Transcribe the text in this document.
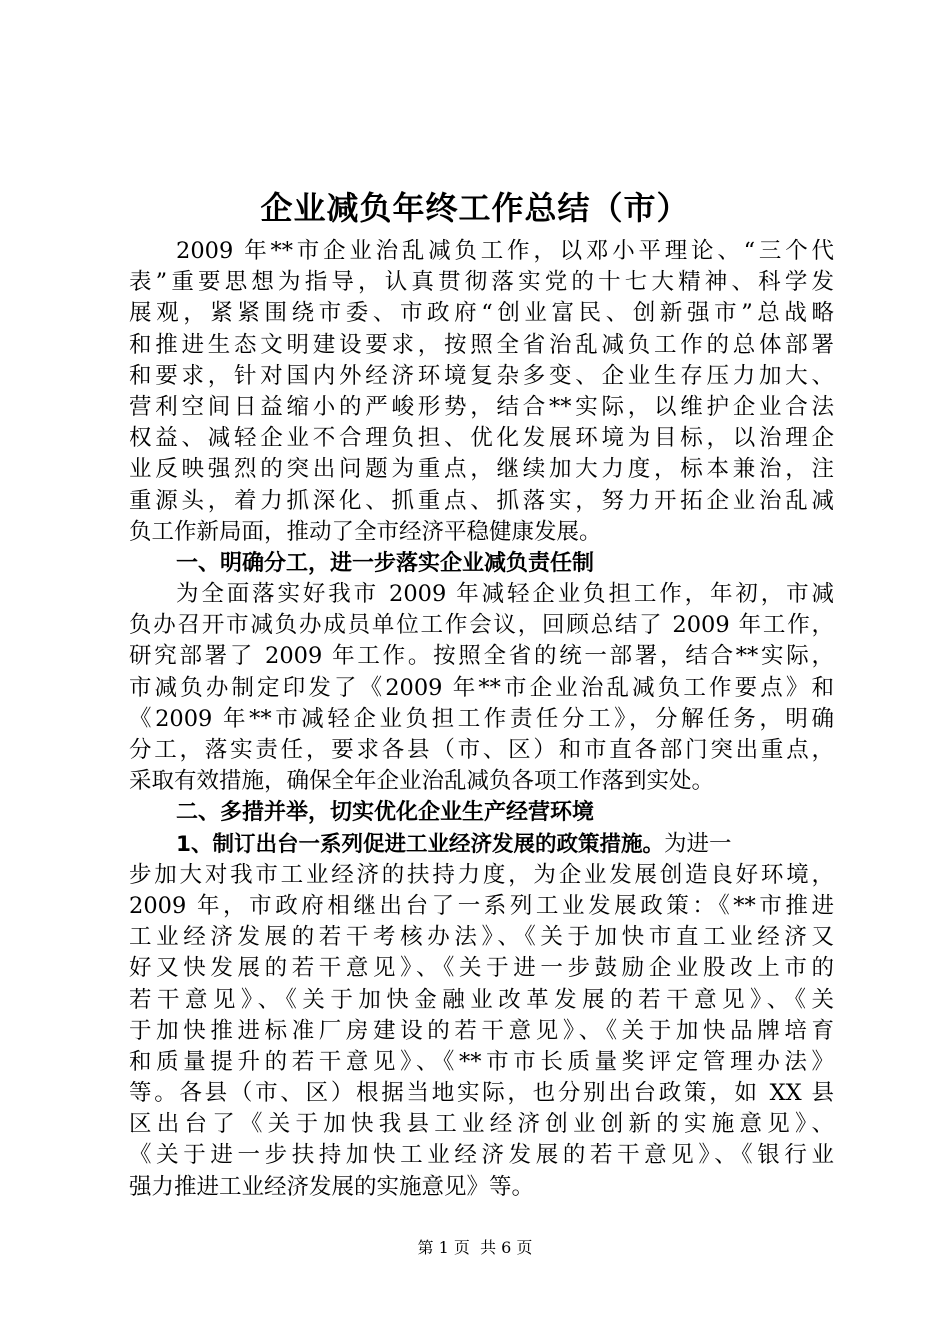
企业减负年终工作总结（市）
2009 年**市企业治乱减负工作，以邓小平理论、“三个代
表”重要思想为指导，认真贯彻落实党的十七大精神、科学发
展观，紧紧围绕市委、市政府“创业富民、创新强市”总战略
和推进生态文明建设要求，按照全省治乱减负工作的总体部署
和要求，针对国内外经济环境复杂多变、企业生存压力加大、
营利空间日益缩小的严峻形势，结合**实际，以维护企业合法
权益、减轻企业不合理负担、优化发展环境为目标，以治理企
业反映强烈的突出问题为重点，继续加大力度，标本兼治，注
重源头，着力抓深化、抓重点、抓落实，努力开拓企业治乱减
负工作新局面，推动了全市经济平稳健康发展。
一、明确分工，进一步落实企业减负责任制
为全面落实好我市 2009 年减轻企业负担工作，年初，市减
负办召开市减负办成员单位工作会议，回顾总结了 2009 年工作，
研究部署了 2009 年工作。按照全省的统一部署，结合**实际，
市减负办制定印发了《2009 年**市企业治乱减负工作要点》和
《2009 年**市减轻企业负担工作责任分工》，分解任务，明确
分工，落实责任，要求各县（市、区）和市直各部门突出重点，
采取有效措施，确保全年企业治乱减负各项工作落到实处。
二、多措并举，切实优化企业生产经营环境
1、制订出台一系列促进工业经济发展的政策措施。为进一
步加大对我市工业经济的扶持力度，为企业发展创造良好环境，
2009 年，市政府相继出台了一系列工业发展政策：《**市推进
工业经济发展的若干考核办法》、《关于加快市直工业经济又
好又快发展的若干意见》、《关于进一步鼓励企业股改上市的
若干意见》、《关于加快金融业改革发展的若干意见》、《关
于加快推进标准厂房建设的若干意见》、《关于加快品牌培育
和质量提升的若干意见》、《**市市长质量奖评定管理办法》
等。各县（市、区）根据当地实际，也分别出台政策，如 XX 县
区出台了《关于加快我县工业经济创业创新的实施意见》、
《关于进一步扶持加快工业经济发展的若干意见》、《银行业
强力推进工业经济发展的实施意见》等。
第 1 页  共 6 页
